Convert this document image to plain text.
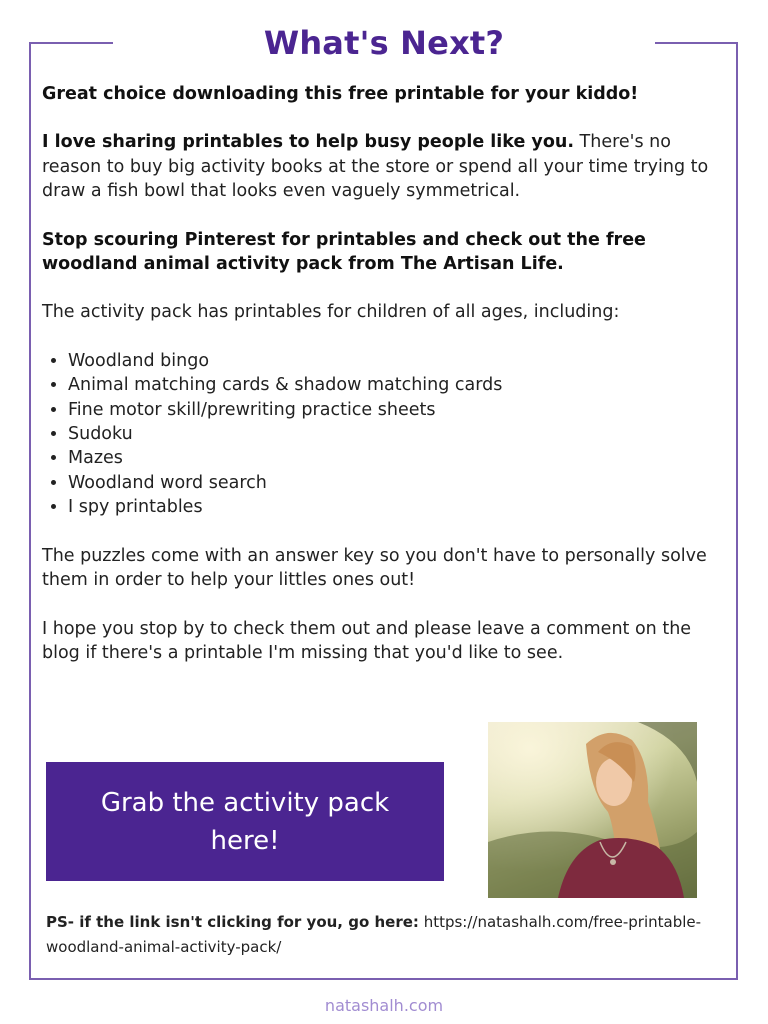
What's Next?

Great choice downloading this free printable for your kiddo!

I love sharing printables to help busy people like you. There's no reason to buy big activity books at the store or spend all your time trying to draw a fish bowl that looks even vaguely symmetrical.

Stop scouring Pinterest for printables and check out the free woodland animal activity pack from The Artisan Life.

The activity pack has printables for children of all ages, including:

• Woodland bingo
• Animal matching cards & shadow matching cards
• Fine motor skill/prewriting practice sheets
• Sudoku
• Mazes
• Woodland word search
• I spy printables

The puzzles come with an answer key so you don't have to personally solve them in order to help your littles ones out!

I hope you stop by to check them out and please leave a comment on the blog if there's a printable I'm missing that you'd like to see.

Grab the activity pack here!
PS- if the link isn't clicking for you, go here: https://natashalh.com/free-printable-woodland-animal-activity-pack/
natashalh.com
